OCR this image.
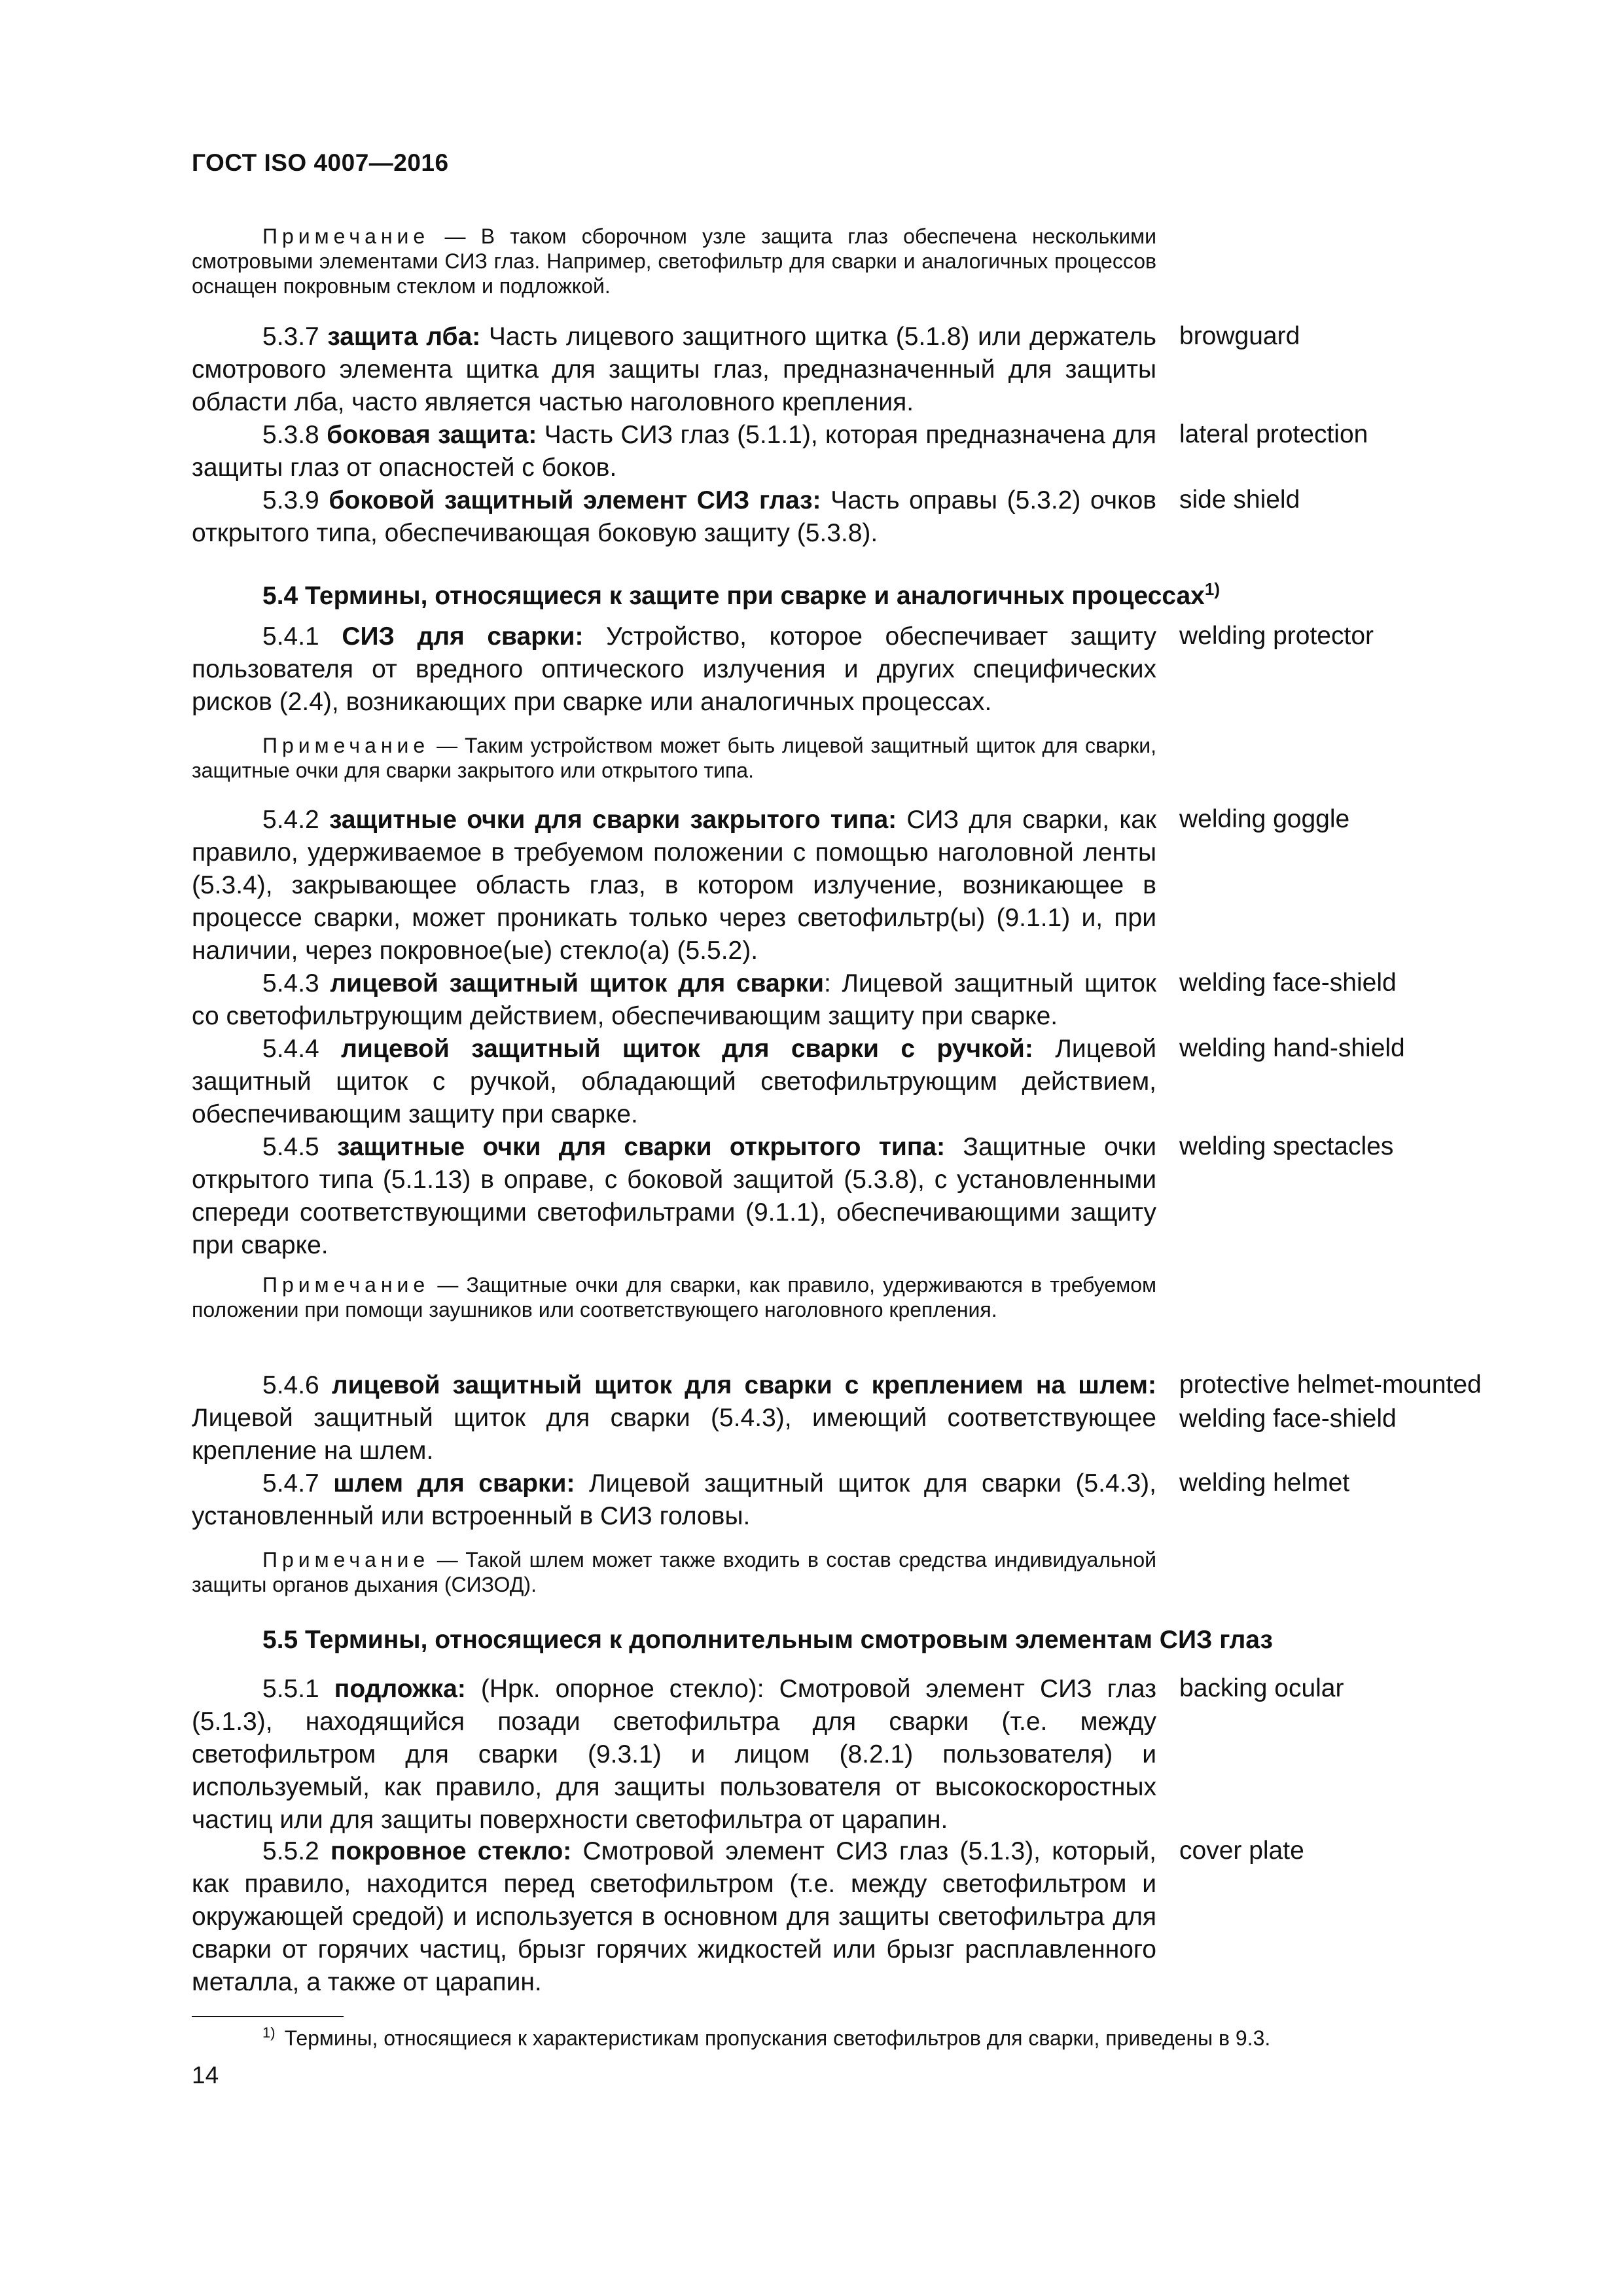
ГОСТ ISO 4007—2016

Примечание — В таком сборочном узле защита глаз обеспечена несколькими смотровыми элементами СИЗ глаз. Например, светофильтр для сварки и аналогичных процессов оснащен покровным стеклом и подложкой.

5.3.7 защита лба: Часть лицевого защитного щитка (5.1.8) или держатель смотрового элемента щитка для защиты глаз, предназначенный для защиты области лба, часто является частью наголовного крепления.

browguard

5.3.8 боковая защита: Часть СИЗ глаз (5.1.1), которая предназначена для защиты глаз от опасностей с боков.

lateral protection

5.3.9 боковой защитный элемент СИЗ глаз: Часть оправы (5.3.2) очков открытого типа, обеспечивающая боковую защиту (5.3.8).

side shield
5.4 Термины, относящиеся к защите при сварке и аналогичных процессах$^{1)}$

5.4.1 СИЗ для сварки: Устройство, которое обеспечивает защиту пользователя от вредного оптического излучения и других специфических рисков (2.4), возникающих при сварке или аналогичных процессах.

welding protector

Примечание — Таким устройством может быть лицевой защитный щиток для сварки, защитные очки для сварки закрытого или открытого типа.

5.4.2 защитные очки для сварки закрытого типа: СИЗ для сварки, как правило, удерживаемое в требуемом положении с помощью наголовной ленты (5.3.4), закрывающее область глаз, в котором излучение, возникающее в процессе сварки, может проникать только через светофильтр(ы) (9.1.1) и, при наличии, через покровное(ые) стекло(а) (5.5.2).

welding goggle

5.4.3 лицевой защитный щиток для сварки: Лицевой защитный щиток со светофильтрующим действием, обеспечивающим защиту при сварке.

welding face-shield

5.4.4 лицевой защитный щиток для сварки с ручкой: Лицевой защитный щиток с ручкой, обладающий светофильтрующим действием, обеспечивающим защиту при сварке.

welding hand-shield

5.4.5 защитные очки для сварки открытого типа: Защитные очки открытого типа (5.1.13) в оправе, с боковой защитой (5.3.8), с установленными спереди соответствующими светофильтрами (9.1.1), обеспечивающими защиту при сварке.

welding spectacles

Примечание — Защитные очки для сварки, как правило, удерживаются в требуемом положении при помощи заушников или соответствующего наголовного крепления.

5.4.6 лицевой защитный щиток для сварки с креплением на шлем: Лицевой защитный щиток для сварки (5.4.3), имеющий соответствующее крепление на шлем.

protective helmet-mounted welding face-shield

5.4.7 шлем для сварки: Лицевой защитный щиток для сварки (5.4.3), установленный или встроенный в СИЗ головы.

welding helmet

Примечание — Такой шлем может также входить в состав средства индивидуальной защиты органов дыхания (СИЗОД).

5.5 Термины, относящиеся к дополнительным смотровым элементам СИЗ глаз

5.5.1 подложка: (Нрк. опорное стекло): Смотровой элемент СИЗ глаз (5.1.3), находящийся позади светофильтра для сварки (т.е. между светофильтром для сварки (9.3.1) и лицом (8.2.1) пользователя) и используемый, как правило, для защиты пользователя от высокоскоростных частиц или для защиты поверхности светофильтра от царапин.

backing ocular

5.5.2 покровное стекло: Смотровой элемент СИЗ глаз (5.1.3), который, как правило, находится перед светофильтром (т.е. между светофильтром и окружающей средой) и используется в основном для защиты светофильтра для сварки от горячих частиц, брызг горячих жидкостей или брызг расплавленного металла, а также от царапин.

cover plate
$^{1)}$ Термины, относящиеся к характеристикам пропускания светофильтров для сварки, приведены в 9.3.
14
